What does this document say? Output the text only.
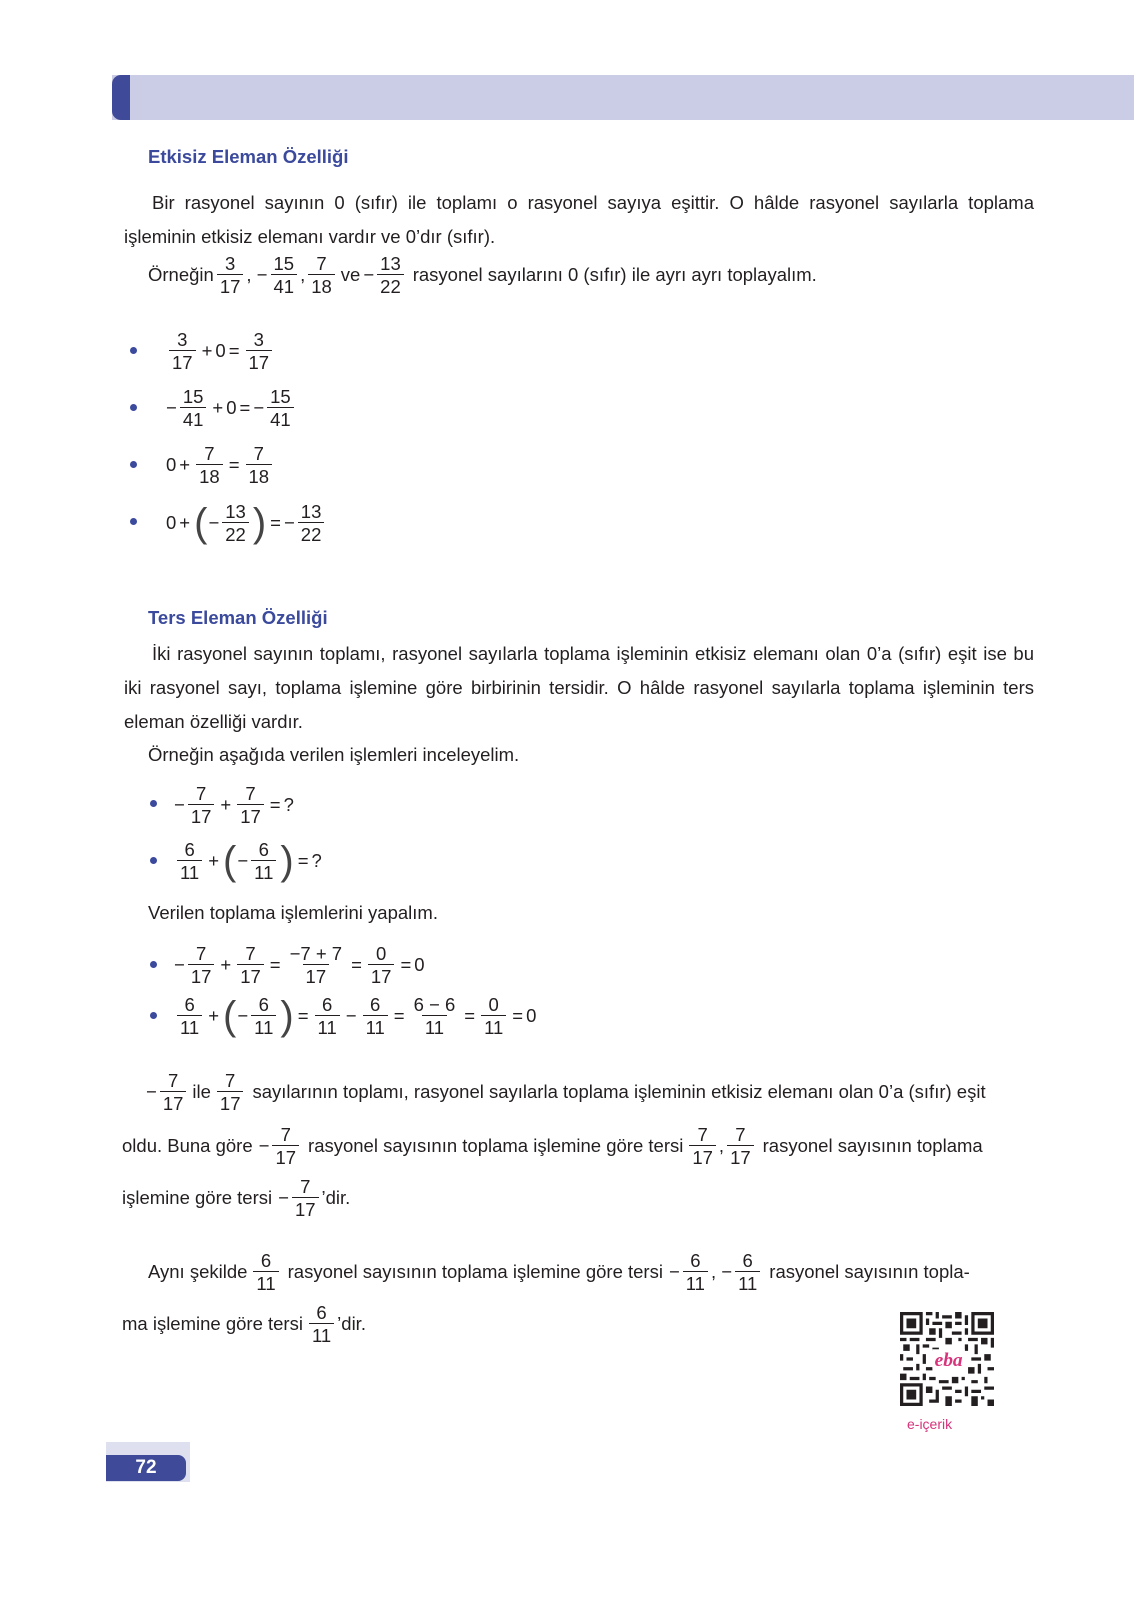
Etkisiz Eleman Özelliği
Bir rasyonel sayının 0 (sıfır) ile toplamı o rasyonel sayıya eşittir. O hâlde rasyonel sayılarla toplama işleminin etkisiz elemanı vardır ve 0’dır (sıfır).
Örneğin
3
17
, − $\frac{15}{41}$ ,
7
18
ve − $\frac{13}{22}$ rasyonel sayılarını 0 (sıfır) ile ayrı ayrı toplayalım.
3
17
+ $0 = \frac{3}{17}$
− $\frac{15}{41} + 0$ = − $\frac{15}{41}$
$0 + \frac{7}{18} = \frac{7}{18}$
0 + ( − $\frac{13}{22}$ ) = − $\frac{13}{22}$
Ters Eleman Özelliği
İki rasyonel sayının toplamı, rasyonel sayılarla toplama işleminin etkisiz elemanı olan 0’a (sıfır) eşit ise bu iki rasyonel sayı, toplama işlemine göre birbirinin tersidir. O hâlde rasyonel sayılarla toplama işleminin ters eleman özelliği vardır.
Örneğin aşağıda verilen işlemleri inceleyelim.
− $\frac{7}{17} + \frac{7}{17}$ = ?
6
11
+ ( − $\frac{6}{11}$ ) = ?
Verilen toplama işlemlerini yapalım.
− $\frac{7}{17} + \frac{7}{17} = \frac{-7 + 7}{17} = \frac{0}{17} = 0$
6
11
+ ( − $\frac{6}{11}$ ) = $\frac{6}{11} - \frac{6}{11} = \frac{6 - 6}{11} = \frac{0}{11} = 0$
− $\frac{7}{17}$ ile
7
17
sayılarının toplamı, rasyonel sayılarla toplama işleminin etkisiz elemanı olan 0’a (sıfır) eşit
oldu. Buna göre − $\frac{7}{17}$ rasyonel sayısının toplama işlemine göre tersi
7
17
,
7
17
rasyonel sayısının toplama
işlemine göre tersi − $\frac{7}{17}$ ’dir.
Aynı şekilde
6
11
rasyonel sayısının toplama işlemine göre tersi − $\frac{6}{11}$ , − $\frac{6}{11}$ rasyonel sayısının topla-
ma işlemine göre tersi
6
11
’dir.
eba
e-içerik
72
